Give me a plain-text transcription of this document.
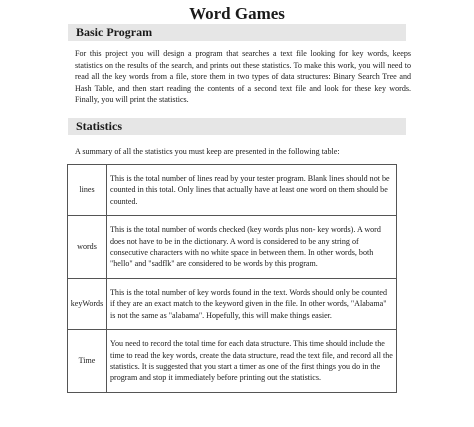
Word Games
Basic Program
For this project you will design a program that searches a text file looking for key words, keeps statistics on the results of the search, and prints out these statistics. To make this work, you will need to read all the key words from a file, store them in two types of data structures: Binary Search Tree and Hash Table, and then start reading the contents of a second text file and look for these key words. Finally, you will print the statistics.
Statistics
A summary of all the statistics you must keep are presented in the following table:
lines	This is the total number of lines read by your tester program. Blank lines should not be counted in this total. Only lines that actually have at least one word on them should be counted.
words	This is the total number of words checked (key words plus non- key words). A word does not have to be in the dictionary. A word is considered to be any string of consecutive characters with no white space in between them. In other words, both "hello" and "sadflk" are considered to be words by this program.
keyWords	This is the total number of key words found in the text. Words should only be counted if they are an exact match to the keyword given in the file. In other words, "Alabama" is not the same as "alabama". Hopefully, this will make things easier.
Time	You need to record the total time for each data structure. This time should include the time to read the key words, create the data structure, read the text file, and record all the statistics. It is suggested that you start a timer as one of the first things you do in the program and stop it immediately before printing out the statistics.
